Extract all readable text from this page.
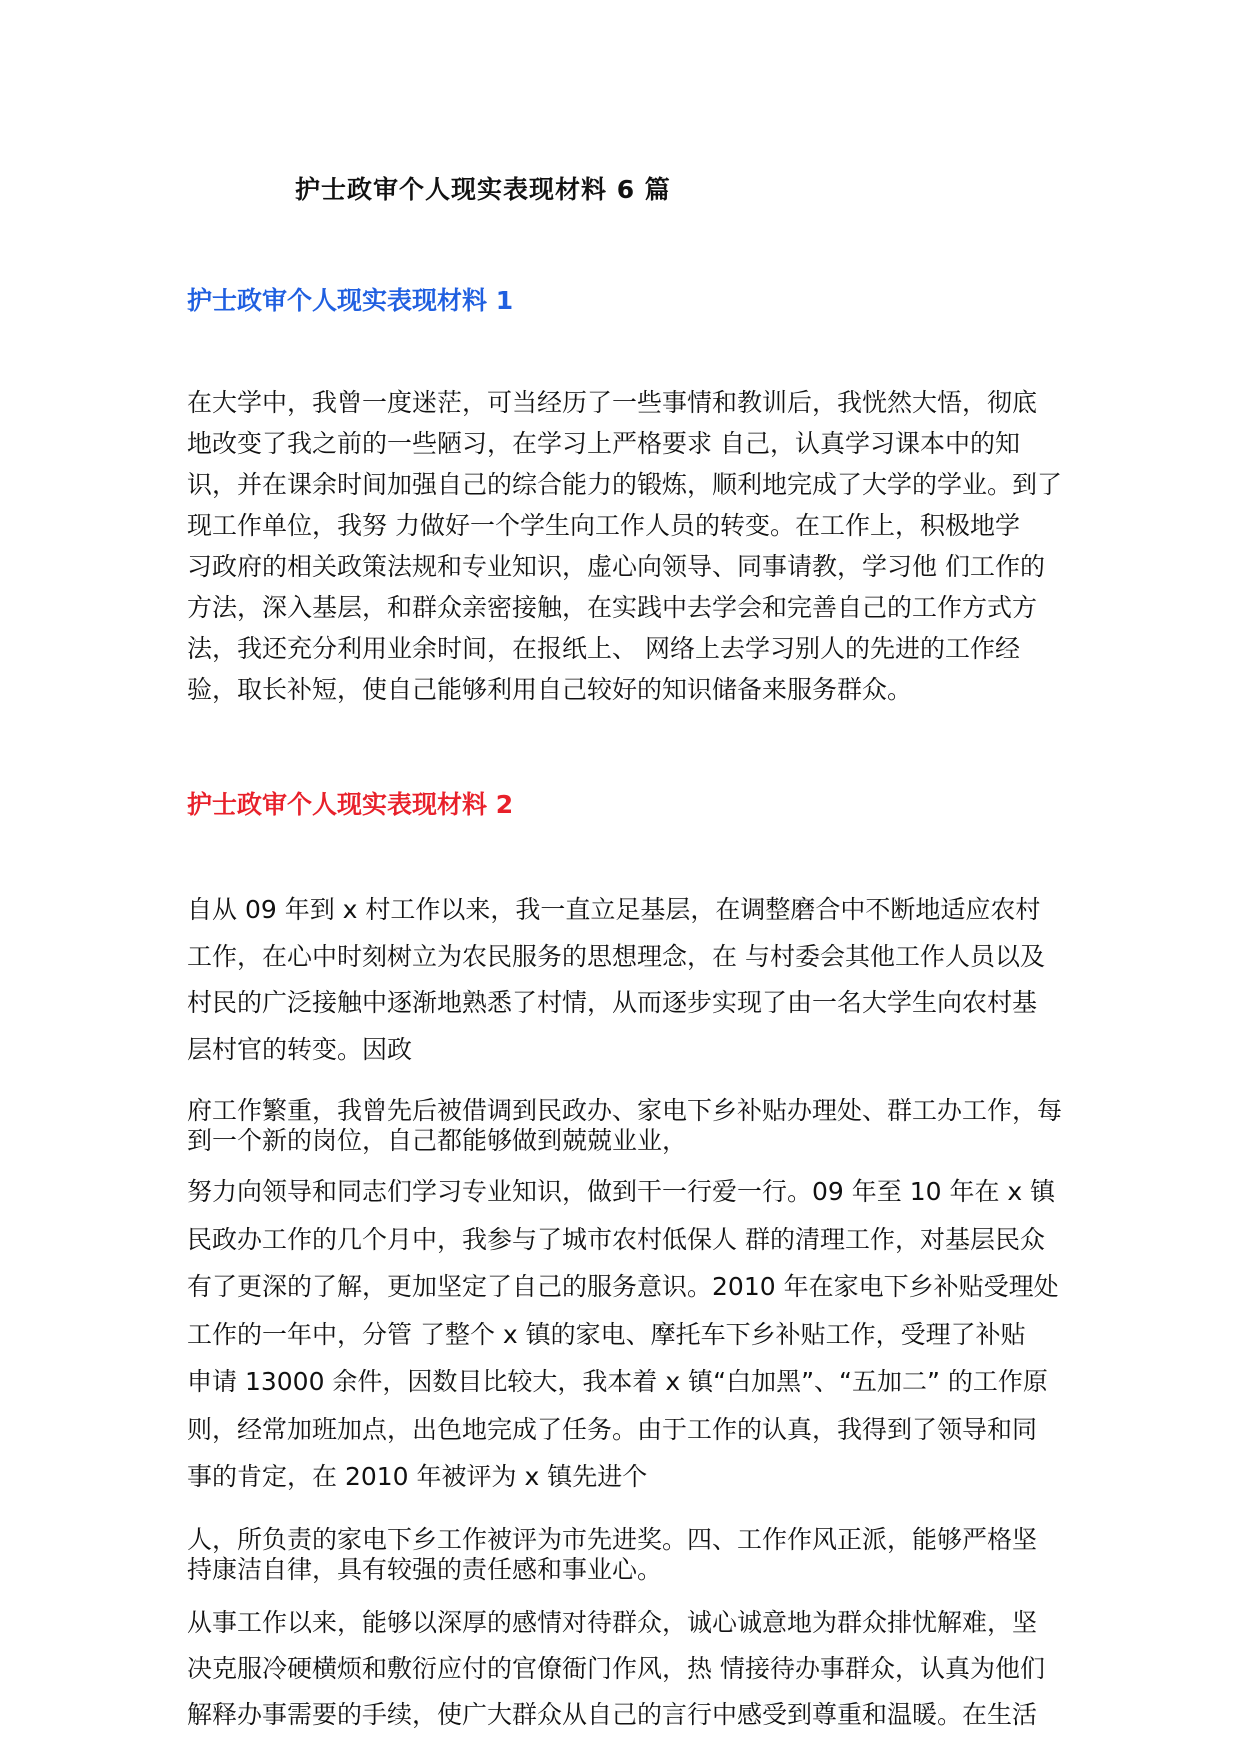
护士政审个人现实表现材料 6 篇
护士政审个人现实表现材料 1

在大学中，我曾一度迷茫，可当经历了一些事情和教训后，我恍然大悟，彻底
地改变了我之前的一些陋习，在学习上严格要求 自己，认真学习课本中的知
识，并在课余时间加强自己的综合能力的锻炼，顺利地完成了大学的学业。到了
现工作单位，我努 力做好一个学生向工作人员的转变。在工作上，积极地学
习政府的相关政策法规和专业知识，虚心向领导、同事请教，学习他 们工作的
方法，深入基层，和群众亲密接触，在实践中去学会和完善自己的工作方式方
法，我还充分利用业余时间，在报纸上、 网络上去学习别人的先进的工作经
验，取长补短，使自己能够利用自己较好的知识储备来服务群众。

护士政审个人现实表现材料 2

自从 09 年到 x 村工作以来，我一直立足基层，在调整磨合中不断地适应农村
工作，在心中时刻树立为农民服务的思想理念，在 与村委会其他工作人员以及
村民的广泛接触中逐渐地熟悉了村情，从而逐步实现了由一名大学生向农村基
层村官的转变。因政

府工作繁重，我曾先后被借调到民政办、家电下乡补贴办理处、群工办工作，每
到一个新的岗位，自己都能够做到兢兢业业，

努力向领导和同志们学习专业知识，做到干一行爱一行。09 年至 10 年在 x 镇
民政办工作的几个月中，我参与了城市农村低保人 群的清理工作，对基层民众
有了更深的了解，更加坚定了自己的服务意识。2010 年在家电下乡补贴受理处
工作的一年中，分管 了整个 x 镇的家电、摩托车下乡补贴工作，受理了补贴
申请 13000 余件，因数目比较大，我本着 x 镇“白加黑”、“五加二” 的工作原
则，经常加班加点，出色地完成了任务。由于工作的认真，我得到了领导和同
事的肯定，在 2010 年被评为 x 镇先进个

人，所负责的家电下乡工作被评为市先进奖。四、工作作风正派，能够严格坚
持康洁自律，具有较强的责任感和事业心。

从事工作以来，能够以深厚的感情对待群众，诚心诚意地为群众排忧解难，坚
决克服冷硬横烦和敷衍应付的官僚衙门作风，热 情接待办事群众，认真为他们
解释办事需要的手续，使广大群众从自己的言行中感受到尊重和温暖。在生活
